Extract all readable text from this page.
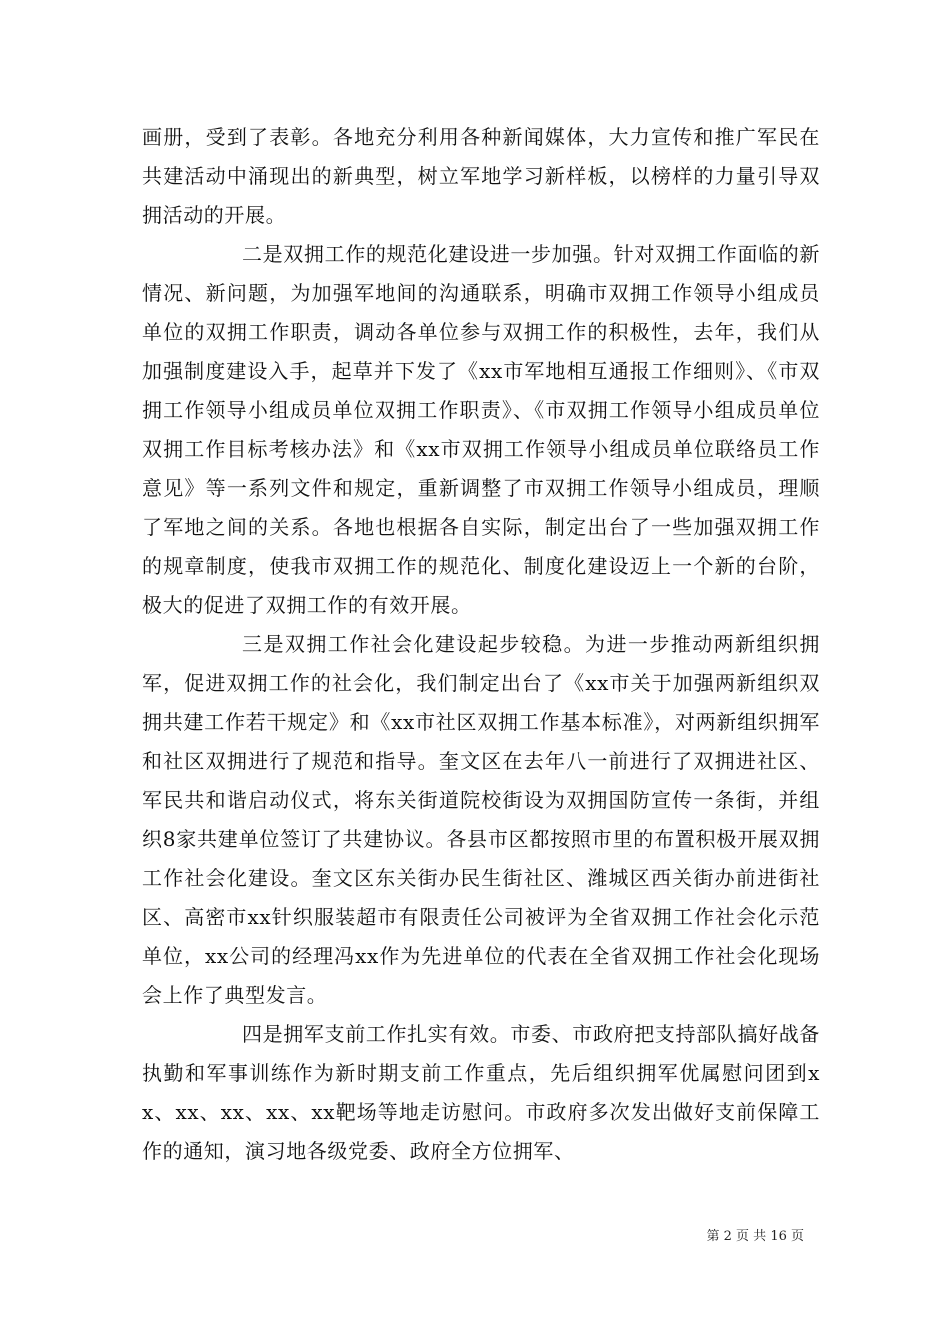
画册，受到了表彰。各地充分利用各种新闻媒体，大力宣传和推广军民在共建活动中涌现出的新典型，树立军地学习新样板，以榜样的力量引导双拥活动的开展。

二是双拥工作的规范化建设进一步加强。针对双拥工作面临的新情况、新问题，为加强军地间的沟通联系，明确市双拥工作领导小组成员单位的双拥工作职责，调动各单位参与双拥工作的积极性，去年，我们从加强制度建设入手，起草并下发了《xx市军地相互通报工作细则》、《市双拥工作领导小组成员单位双拥工作职责》、《市双拥工作领导小组成员单位双拥工作目标考核办法》和《xx市双拥工作领导小组成员单位联络员工作意见》等一系列文件和规定，重新调整了市双拥工作领导小组成员，理顺了军地之间的关系。各地也根据各自实际，制定出台了一些加强双拥工作的规章制度，使我市双拥工作的规范化、制度化建设迈上一个新的台阶，极大的促进了双拥工作的有效开展。

三是双拥工作社会化建设起步较稳。为进一步推动两新组织拥军，促进双拥工作的社会化，我们制定出台了《xx市关于加强两新组织双拥共建工作若干规定》和《xx市社区双拥工作基本标准》，对两新组织拥军和社区双拥进行了规范和指导。奎文区在去年八一前进行了双拥进社区、军民共和谐启动仪式，将东关街道院校街设为双拥国防宣传一条街，并组织8家共建单位签订了共建协议。各县市区都按照市里的布置积极开展双拥工作社会化建设。奎文区东关街办民生街社区、潍城区西关街办前进街社区、高密市xx针织服装超市有限责任公司被评为全省双拥工作社会化示范单位，xx公司的经理冯xx作为先进单位的代表在全省双拥工作社会化现场会上作了典型发言。

四是拥军支前工作扎实有效。市委、市政府把支持部队搞好战备执勤和军事训练作为新时期支前工作重点，先后组织拥军优属慰问团到xx、xx、xx、xx、xx靶场等地走访慰问。市政府多次发出做好支前保障工作的通知，演习地各级党委、政府全方位拥军、

第 2 页 共 16 页
